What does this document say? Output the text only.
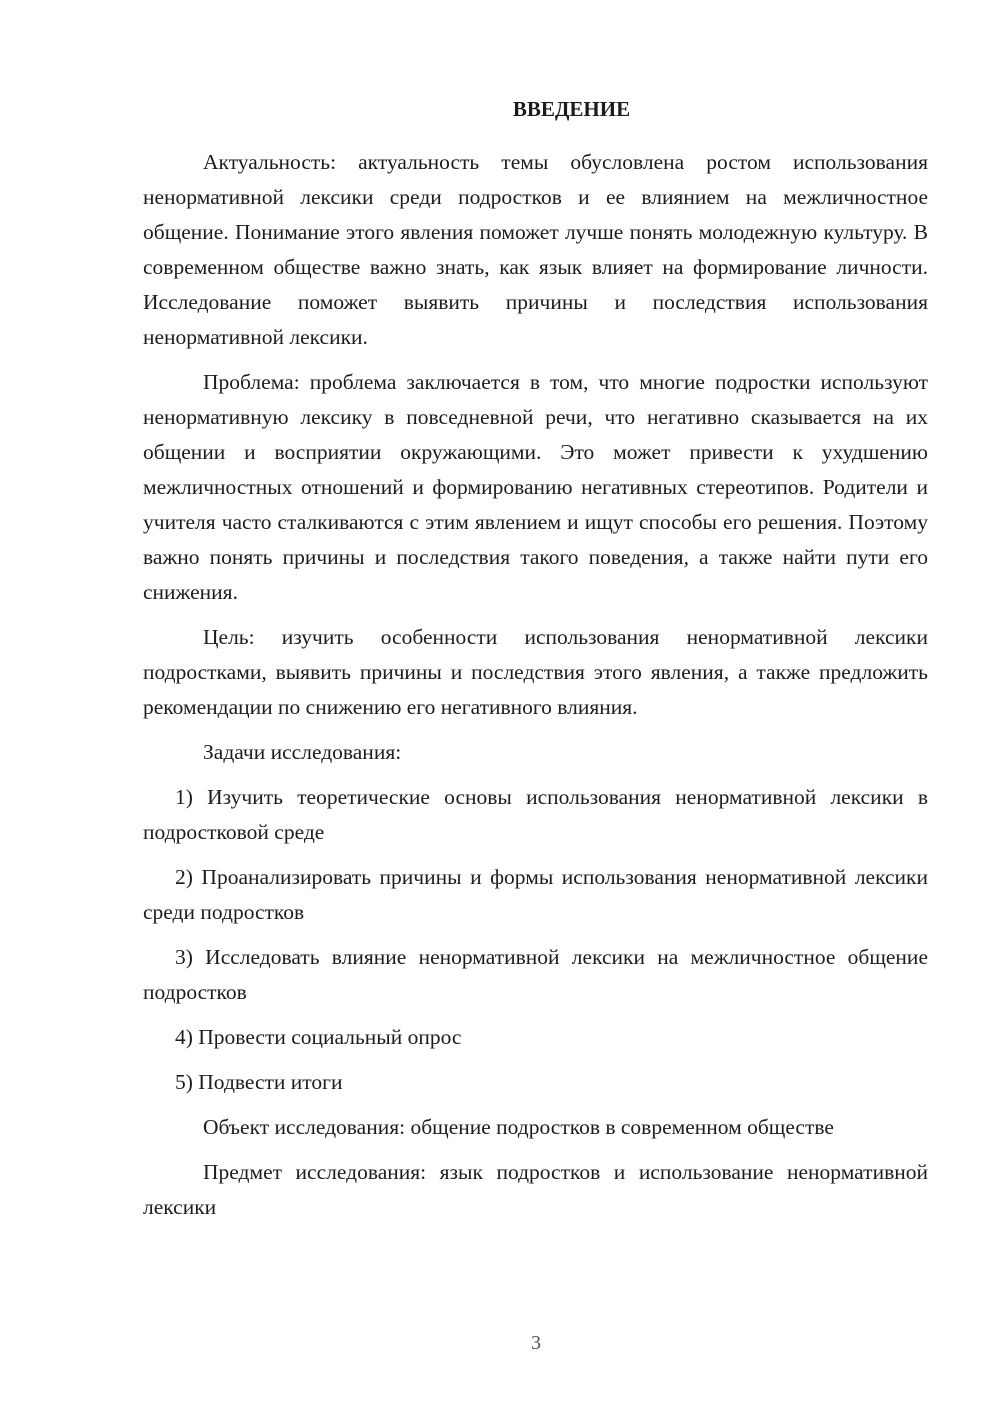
ВВЕДЕНИЕ

Актуальность: актуальность темы обусловлена ростом использования ненормативной лексики среди подростков и ее влиянием на межличностное общение. Понимание этого явления поможет лучше понять молодежную культуру. В современном обществе важно знать, как язык влияет на формирование личности. Исследование поможет выявить причины и последствия использования ненормативной лексики.

Проблема: проблема заключается в том, что многие подростки используют ненормативную лексику в повседневной речи, что негативно сказывается на их общении и восприятии окружающими. Это может привести к ухудшению межличностных отношений и формированию негативных стереотипов. Родители и учителя часто сталкиваются с этим явлением и ищут способы его решения. Поэтому важно понять причины и последствия такого поведения, а также найти пути его снижения.

Цель: изучить особенности использования ненормативной лексики подростками, выявить причины и последствия этого явления, а также предложить рекомендации по снижению его негативного влияния.

Задачи исследования:

1) Изучить теоретические основы использования ненормативной лексики в подростковой среде

2) Проанализировать причины и формы использования ненормативной лексики среди подростков

3) Исследовать влияние ненормативной лексики на межличностное общение подростков

4) Провести социальный опрос

5) Подвести итоги

Объект исследования: общение подростков в современном обществе

Предмет исследования: язык подростков и использование ненормативной лексики

3
